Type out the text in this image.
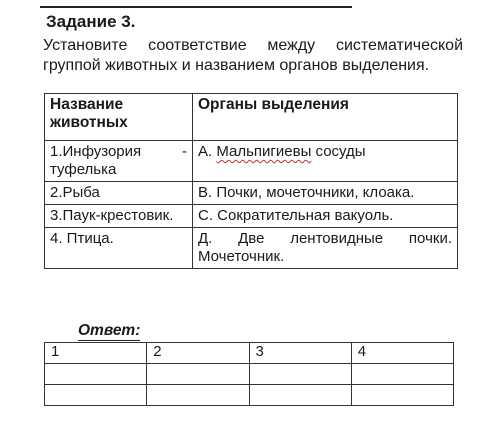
Задание 3.
Установите соответствие между систематической группой животных и названием органов выделения.
Название животных	Органы выделения
1.Инфузория - туфелька	А. Мальпигиевы сосуды
2.Рыба	В. Почки, мочеточники, клоака.
3.Паук-крестовик.	С. Сократительная вакуоль.
4. Птица.	Д. Две лентовидные почки. Мочеточник.
Ответ:
1	2	3	4
